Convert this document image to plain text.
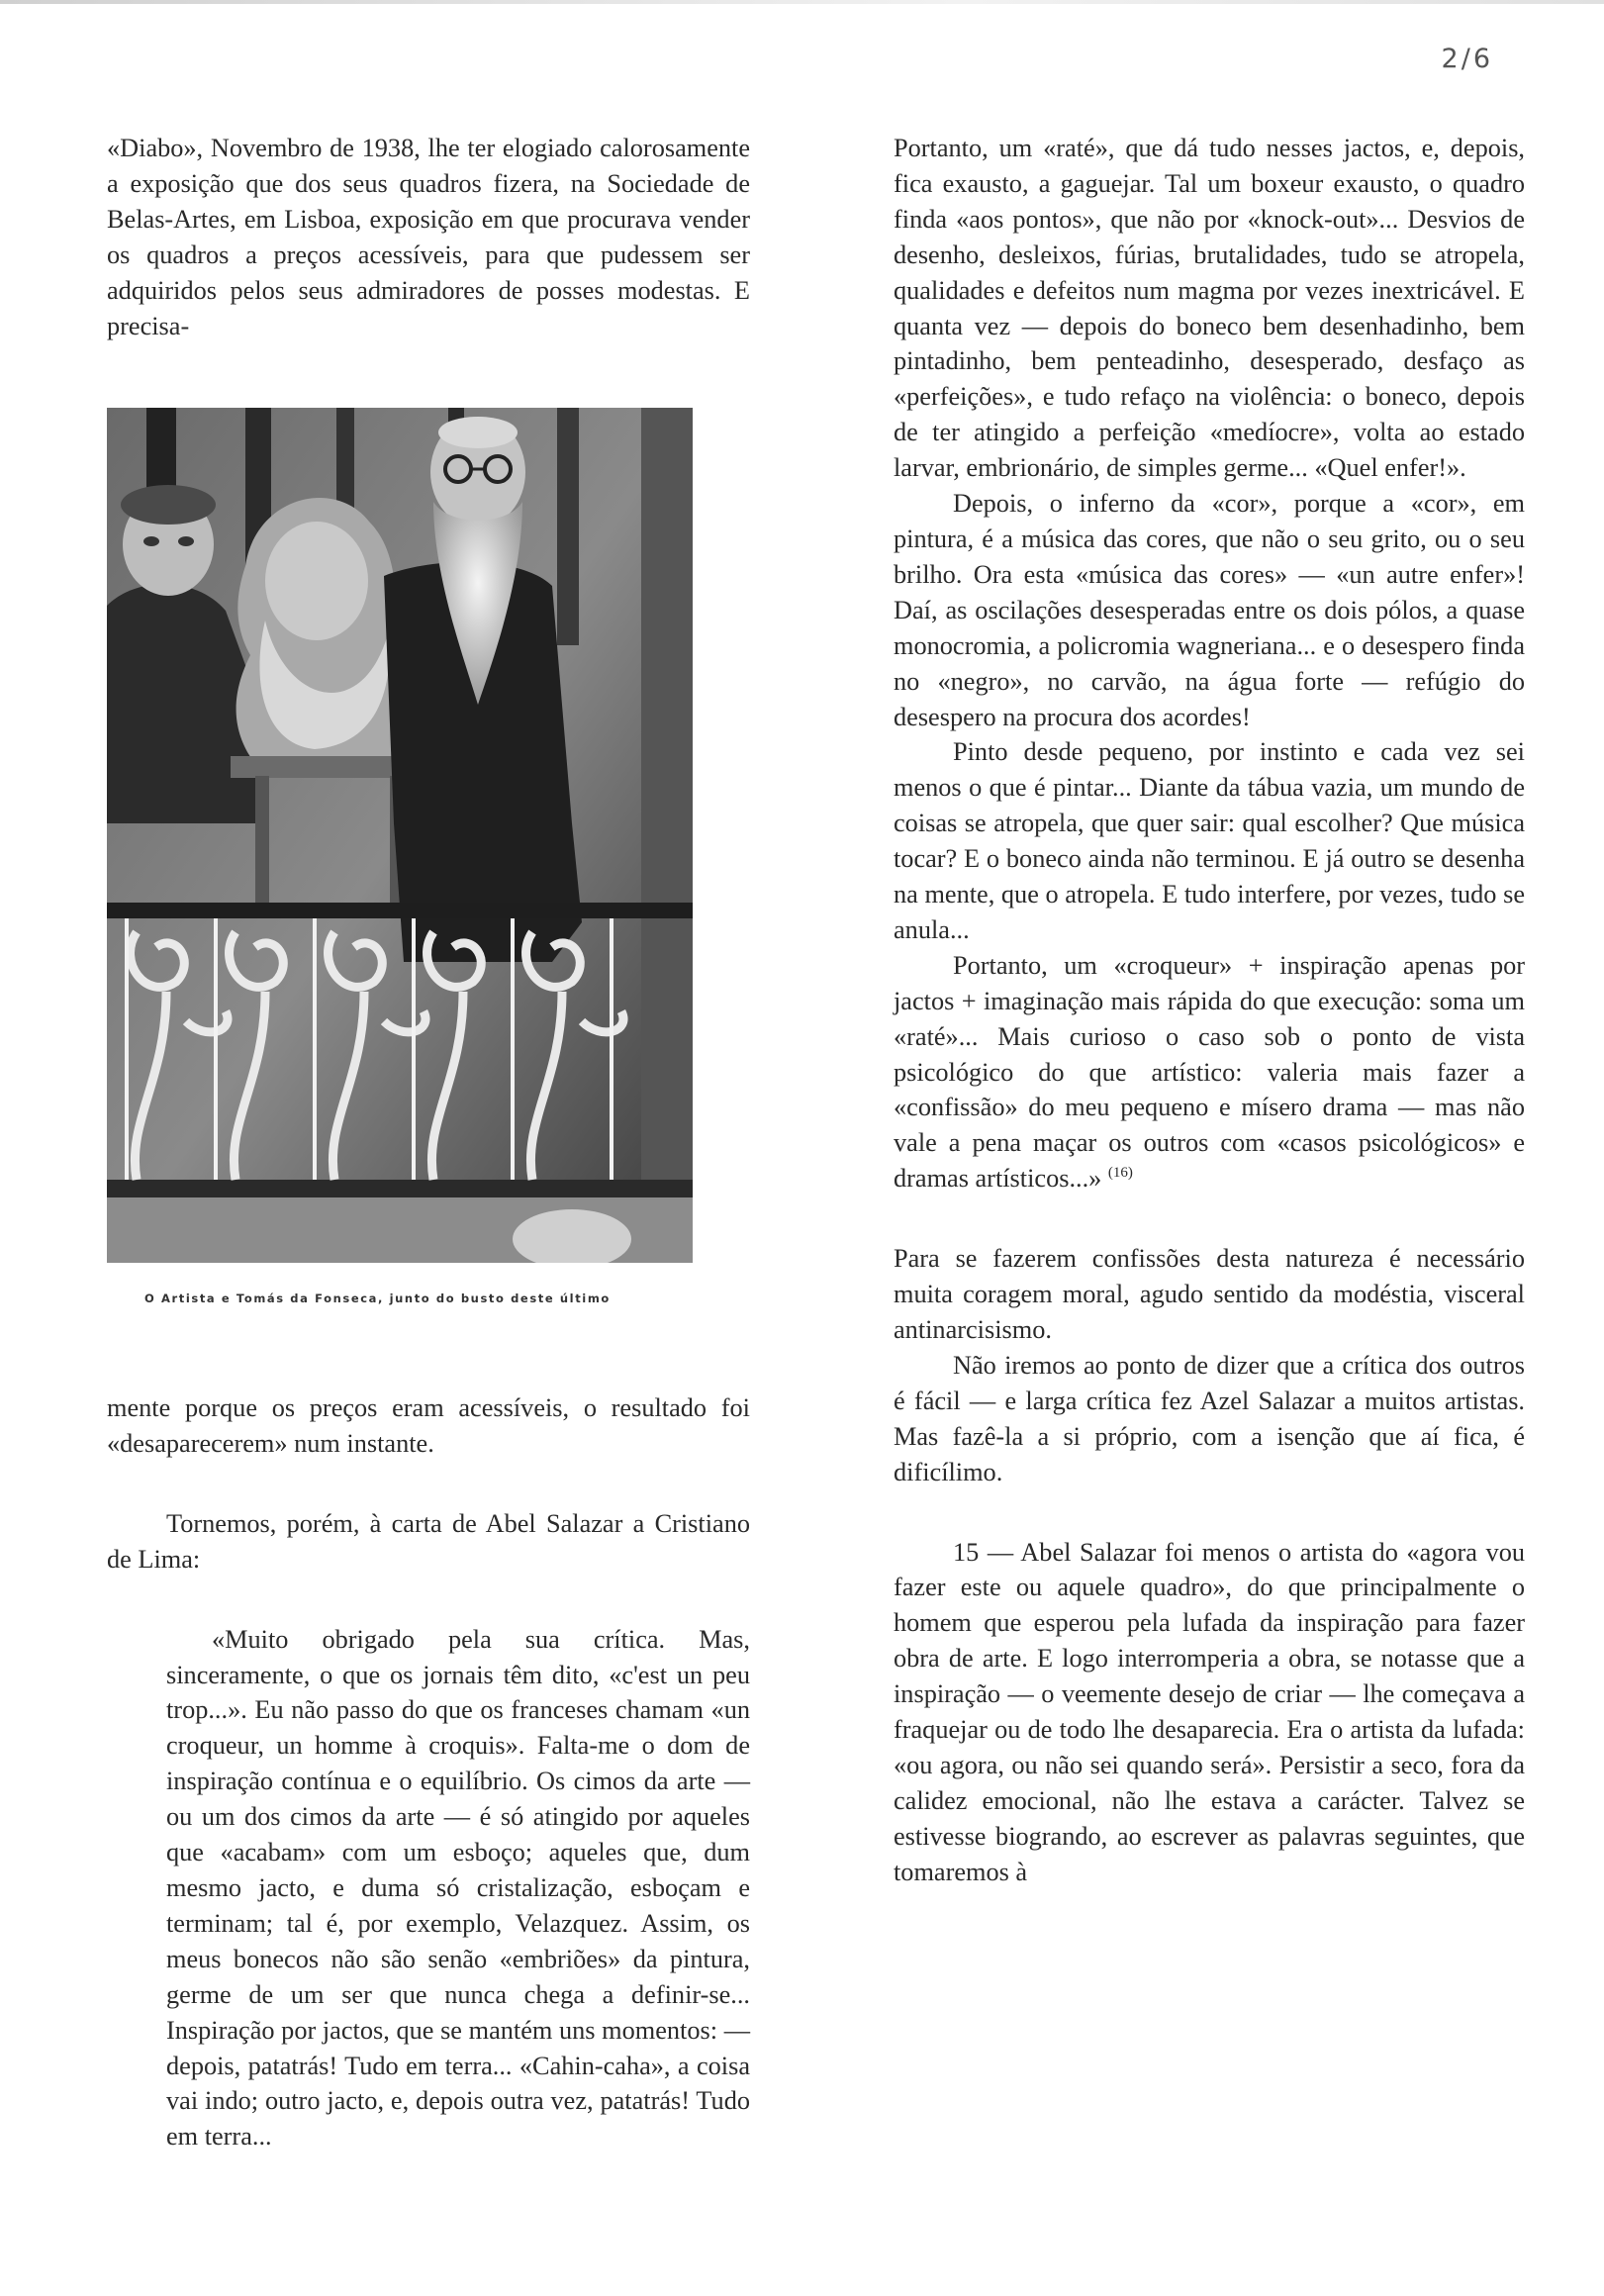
2/6

«Diabo», Novembro de 1938, lhe ter elogiado calorosamente a exposição que dos seus quadros fizera, na Sociedade de Belas-Artes, em Lisboa, exposição em que procurava vender os quadros a preços acessíveis, para que pudessem ser adquiridos pelos seus admiradores de posses modestas. E precisa-

O Artista e Tomás da Fonseca, junto do busto deste último

mente porque os preços eram acessíveis, o resultado foi «desaparecerem» num instante.

Tornemos, porém, à carta de Abel Salazar a Cristiano de Lima:

«Muito obrigado pela sua crítica. Mas, sinceramente, o que os jornais têm dito, «c'est un peu trop...». Eu não passo do que os franceses chamam «un croqueur, un homme à croquis». Falta-me o dom de inspiração contínua e o equilíbrio. Os cimos da arte — ou um dos cimos da arte — é só atingido por aqueles que «acabam» com um esboço; aqueles que, dum mesmo jacto, e duma só cristalização, esboçam e terminam; tal é, por exemplo, Velazquez. Assim, os meus bonecos não são senão «embriões» da pintura, germe de um ser que nunca chega a definir-se... Inspiração por jactos, que se mantém uns momentos: — depois, patatrás! Tudo em terra... «Cahin-caha», a coisa vai indo; outro jacto, e, depois outra vez, patatrás! Tudo em terra...

Portanto, um «raté», que dá tudo nesses jactos, e, depois, fica exausto, a gaguejar. Tal um boxeur exausto, o quadro finda «aos pontos», que não por «knock-out»... Desvios de desenho, desleixos, fúrias, brutalidades, tudo se atropela, qualidades e defeitos num magma por vezes inextricável. E quanta vez — depois do boneco bem desenhadinho, bem pintadinho, bem penteadinho, desesperado, desfaço as «perfeições», e tudo refaço na violência: o boneco, depois de ter atingido a perfeição «medíocre», volta ao estado larvar, embrionário, de simples germe... «Quel enfer!».

Depois, o inferno da «cor», porque a «cor», em pintura, é a música das cores, que não o seu grito, ou o seu brilho. Ora esta «música das cores» — «un autre enfer»! Daí, as oscilações desesperadas entre os dois pólos, a quase monocromia, a policromia wagneriana... e o desespero finda no «negro», no carvão, na água forte — refúgio do desespero na procura dos acordes!

Pinto desde pequeno, por instinto e cada vez sei menos o que é pintar... Diante da tábua vazia, um mundo de coisas se atropela, que quer sair: qual escolher? Que música tocar? E o boneco ainda não terminou. E já outro se desenha na mente, que o atropela. E tudo interfere, por vezes, tudo se anula...

Portanto, um «croqueur» + inspiração apenas por jactos + imaginação mais rápida do que execução: soma um «raté»... Mais curioso o caso sob o ponto de vista psicológico do que artístico: valeria mais fazer a «confissão» do meu pequeno e mísero drama — mas não vale a pena maçar os outros com «casos psicológicos» e dramas artísticos...» $^{(16)}$

Para se fazerem confissões desta natureza é necessário muita coragem moral, agudo sentido da modéstia, visceral antinarcisismo.

Não iremos ao ponto de dizer que a crítica dos outros é fácil — e larga crítica fez Azel Salazar a muitos artistas. Mas fazê-la a si próprio, com a isenção que aí fica, é dificílimo.

15 — Abel Salazar foi menos o artista do «agora vou fazer este ou aquele quadro», do que principalmente o homem que esperou pela lufada da inspiração para fazer obra de arte. E logo interromperia a obra, se notasse que a inspiração — o veemente desejo de criar — lhe começava a fraquejar ou de todo lhe desaparecia. Era o artista da lufada: «ou agora, ou não sei quando será». Persistir a seco, fora da calidez emocional, não lhe estava a carácter. Talvez se estivesse biogrando, ao escrever as palavras seguintes, que tomaremos à
